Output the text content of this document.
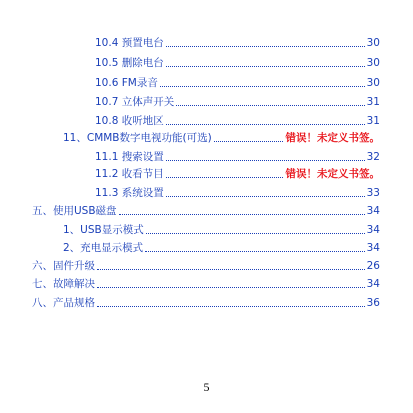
10.4 预置电台	30
10.5 删除电台	30
10.6 FM录音	30
10.7 立体声开关	31
10.8 收听地区	31
11、CMMB数字电视功能(可选)	错误！未定义书签。
11.1 搜索设置	32
11.2 收看节目	错误！未定义书签。
11.3 系统设置	33
五、使用USB磁盘	34
1、USB显示模式	34
2、充电显示模式	34
六、固件升级	26
七、故障解决	34
八、产品规格	36
5
